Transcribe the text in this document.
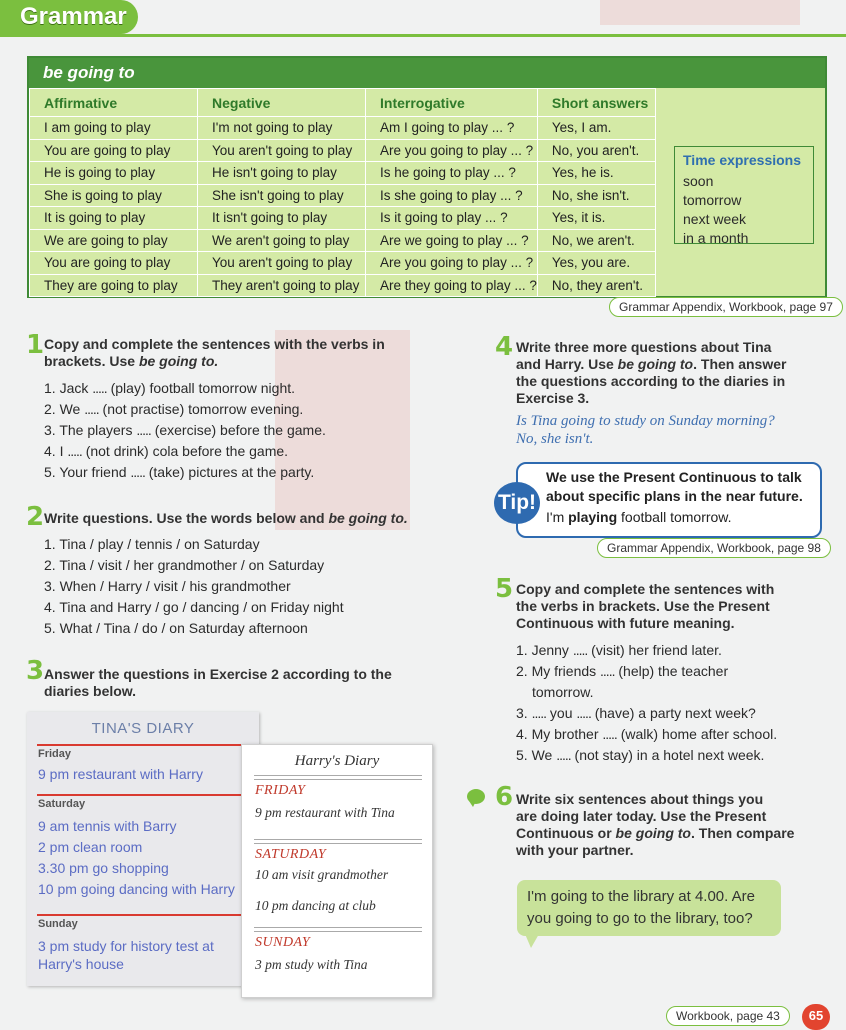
Grammar
be going to
Affirmative	Negative	Interrogative	Short answers
I am going to play	I'm not going to play	Am I going to play ... ?	Yes, I am.
You are going to play	You aren't going to play	Are you going to play ... ?	No, you aren't.
He is going to play	He isn't going to play	Is he going to play ... ?	Yes, he is.
She is going to play	She isn't going to play	Is she going to play ... ?	No, she isn't.
It is going to play	It isn't going to play	Is it going to play ... ?	Yes, it is.
We are going to play	We aren't going to play	Are we going to play ... ?	No, we aren't.
You are going to play	You aren't going to play	Are you going to play ... ?	Yes, you are.
They are going to play	They aren't going to play	Are they going to play ... ?	No, they aren't.
Time expressions
soon
tomorrow
next week
in a month
Grammar Appendix, Workbook, page 97
1 Copy and complete the sentences with the verbs in
brackets. Use be going to.
1. Jack ..... (play) football tomorrow night.
2. We ..... (not practise) tomorrow evening.
3. The players ..... (exercise) before the game.
4. I ..... (not drink) cola before the game.
5. Your friend ..... (take) pictures at the party.
2 Write questions. Use the words below and be going to.
1. Tina / play / tennis / on Saturday
2. Tina / visit / her grandmother / on Saturday
3. When / Harry / visit / his grandmother
4. Tina and Harry / go / dancing / on Friday night
5. What / Tina / do / on Saturday afternoon
3 Answer the questions in Exercise 2 according to the
diaries below.
TINA'S DIARY
Friday
9 pm restaurant with Harry
Saturday
9 am tennis with Barry
2 pm clean room
3.30 pm go shopping
10 pm going dancing with Harry
Sunday
3 pm study for history test at
Harry's house
Harry's Diary
FRIDAY
9 pm restaurant with Tina
SATURDAY
10 am visit grandmother
10 pm dancing at club
SUNDAY
3 pm study with Tina
4 Write three more questions about Tina
and Harry. Use be going to. Then answer
the questions according to the diaries in
Exercise 3.
Is Tina going to study on Sunday morning?
No, she isn't.
Tip!
We use the Present Continuous to talk
about specific plans in the near future.
I'm playing football tomorrow.
Grammar Appendix, Workbook, page 98
5 Copy and complete the sentences with
the verbs in brackets. Use the Present
Continuous with future meaning.
1. Jenny ..... (visit) her friend later.
2. My friends ..... (help) the teacher
tomorrow.
3. ..... you ..... (have) a party next week?
4. My brother ..... (walk) home after school.
5. We ..... (not stay) in a hotel next week.
6 Write six sentences about things you
are doing later today. Use the Present
Continuous or be going to. Then compare
with your partner.
I'm going to the library at 4.00. Are
you going to go to the library, too?
Workbook, page 43	65
